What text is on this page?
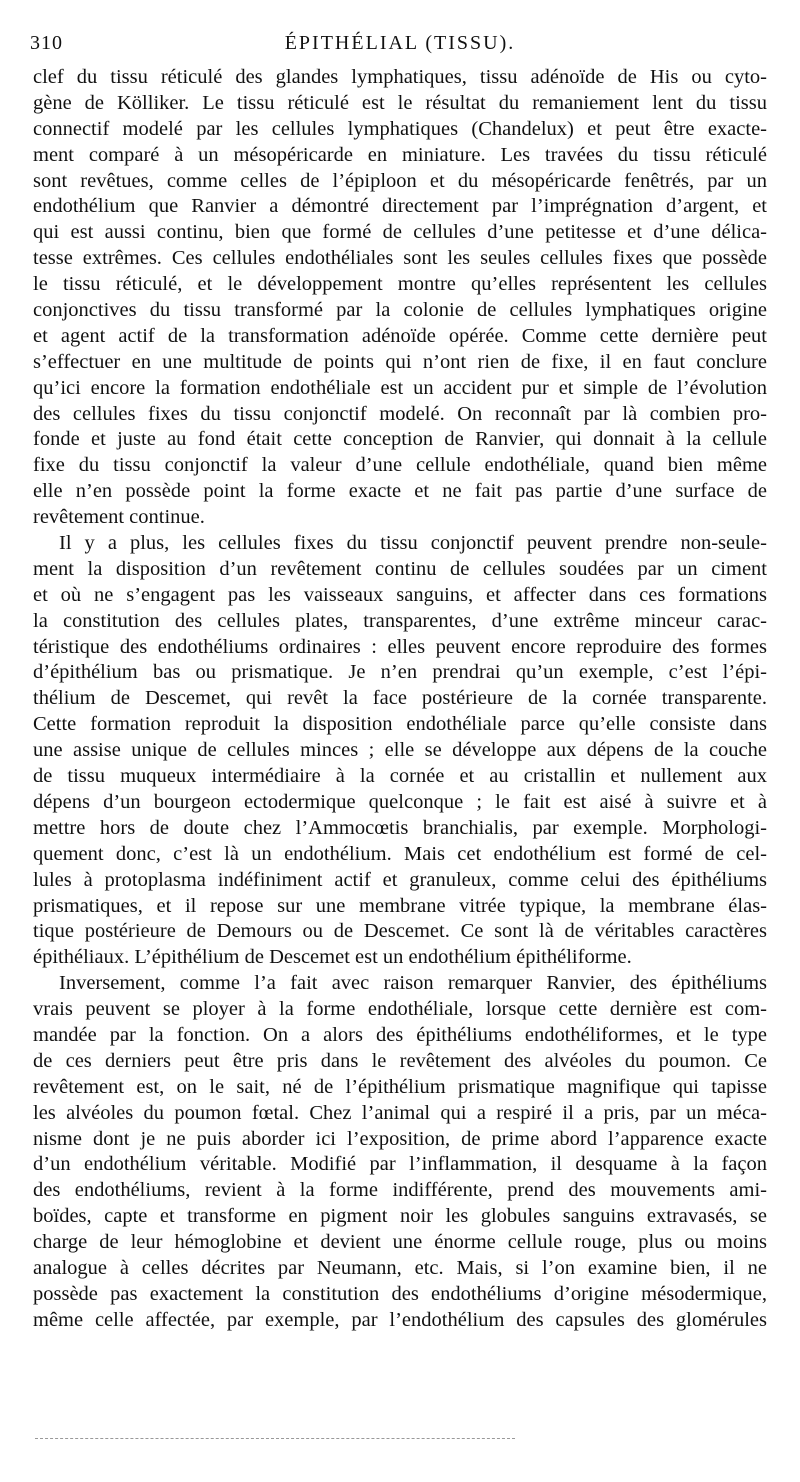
310	ÉPITHÉLIAL (TISSU).
clef du tissu réticulé des glandes lymphatiques, tissu adénoïde de His ou cyto-
gène de Kölliker. Le tissu réticulé est le résultat du remaniement lent du tissu
connectif modelé par les cellules lymphatiques (Chandelux) et peut être exacte-
ment comparé à un mésopéricarde en miniature. Les travées du tissu réticulé
sont revêtues, comme celles de l’épiploon et du mésopéricarde fenêtrés, par un
endothélium que Ranvier a démontré directement par l’imprégnation d’argent, et
qui est aussi continu, bien que formé de cellules d’une petitesse et d’une délica-
tesse extrêmes. Ces cellules endothéliales sont les seules cellules fixes que possède
le tissu réticulé, et le développement montre qu’elles représentent les cellules
conjonctives du tissu transformé par la colonie de cellules lymphatiques origine
et agent actif de la transformation adénoïde opérée. Comme cette dernière peut
s’effectuer en une multitude de points qui n’ont rien de fixe, il en faut conclure
qu’ici encore la formation endothéliale est un accident pur et simple de l’évolution
des cellules fixes du tissu conjonctif modelé. On reconnaît par là combien pro-
fonde et juste au fond était cette conception de Ranvier, qui donnait à la cellule
fixe du tissu conjonctif la valeur d’une cellule endothéliale, quand bien même
elle n’en possède point la forme exacte et ne fait pas partie d’une surface de
revêtement continue.
Il y a plus, les cellules fixes du tissu conjonctif peuvent prendre non-seule-
ment la disposition d’un revêtement continu de cellules soudées par un ciment
et où ne s’engagent pas les vaisseaux sanguins, et affecter dans ces formations
la constitution des cellules plates, transparentes, d’une extrême minceur carac-
téristique des endothéliums ordinaires : elles peuvent encore reproduire des formes
d’épithélium bas ou prismatique. Je n’en prendrai qu’un exemple, c’est l’épi-
thélium de Descemet, qui revêt la face postérieure de la cornée transparente.
Cette formation reproduit la disposition endothéliale parce qu’elle consiste dans
une assise unique de cellules minces ; elle se développe aux dépens de la couche
de tissu muqueux intermédiaire à la cornée et au cristallin et nullement aux
dépens d’un bourgeon ectodermique quelconque ; le fait est aisé à suivre et à
mettre hors de doute chez l’Ammocœtis branchialis, par exemple. Morphologi-
quement donc, c’est là un endothélium. Mais cet endothélium est formé de cel-
lules à protoplasma indéfiniment actif et granuleux, comme celui des épithéliums
prismatiques, et il repose sur une membrane vitrée typique, la membrane élas-
tique postérieure de Demours ou de Descemet. Ce sont là de véritables caractères
épithéliaux. L’épithélium de Descemet est un endothélium épithéliforme.
Inversement, comme l’a fait avec raison remarquer Ranvier, des épithéliums
vrais peuvent se ployer à la forme endothéliale, lorsque cette dernière est com-
mandée par la fonction. On a alors des épithéliums endothéliformes, et le type
de ces derniers peut être pris dans le revêtement des alvéoles du poumon. Ce
revêtement est, on le sait, né de l’épithélium prismatique magnifique qui tapisse
les alvéoles du poumon fœtal. Chez l’animal qui a respiré il a pris, par un méca-
nisme dont je ne puis aborder ici l’exposition, de prime abord l’apparence exacte
d’un endothélium véritable. Modifié par l’inflammation, il desquame à la façon
des endothéliums, revient à la forme indifférente, prend des mouvements ami-
boïdes, capte et transforme en pigment noir les globules sanguins extravasés, se
charge de leur hémoglobine et devient une énorme cellule rouge, plus ou moins
analogue à celles décrites par Neumann, etc. Mais, si l’on examine bien, il ne
possède pas exactement la constitution des endothéliums d’origine mésodermique,
même celle affectée, par exemple, par l’endothélium des capsules des glomérules
